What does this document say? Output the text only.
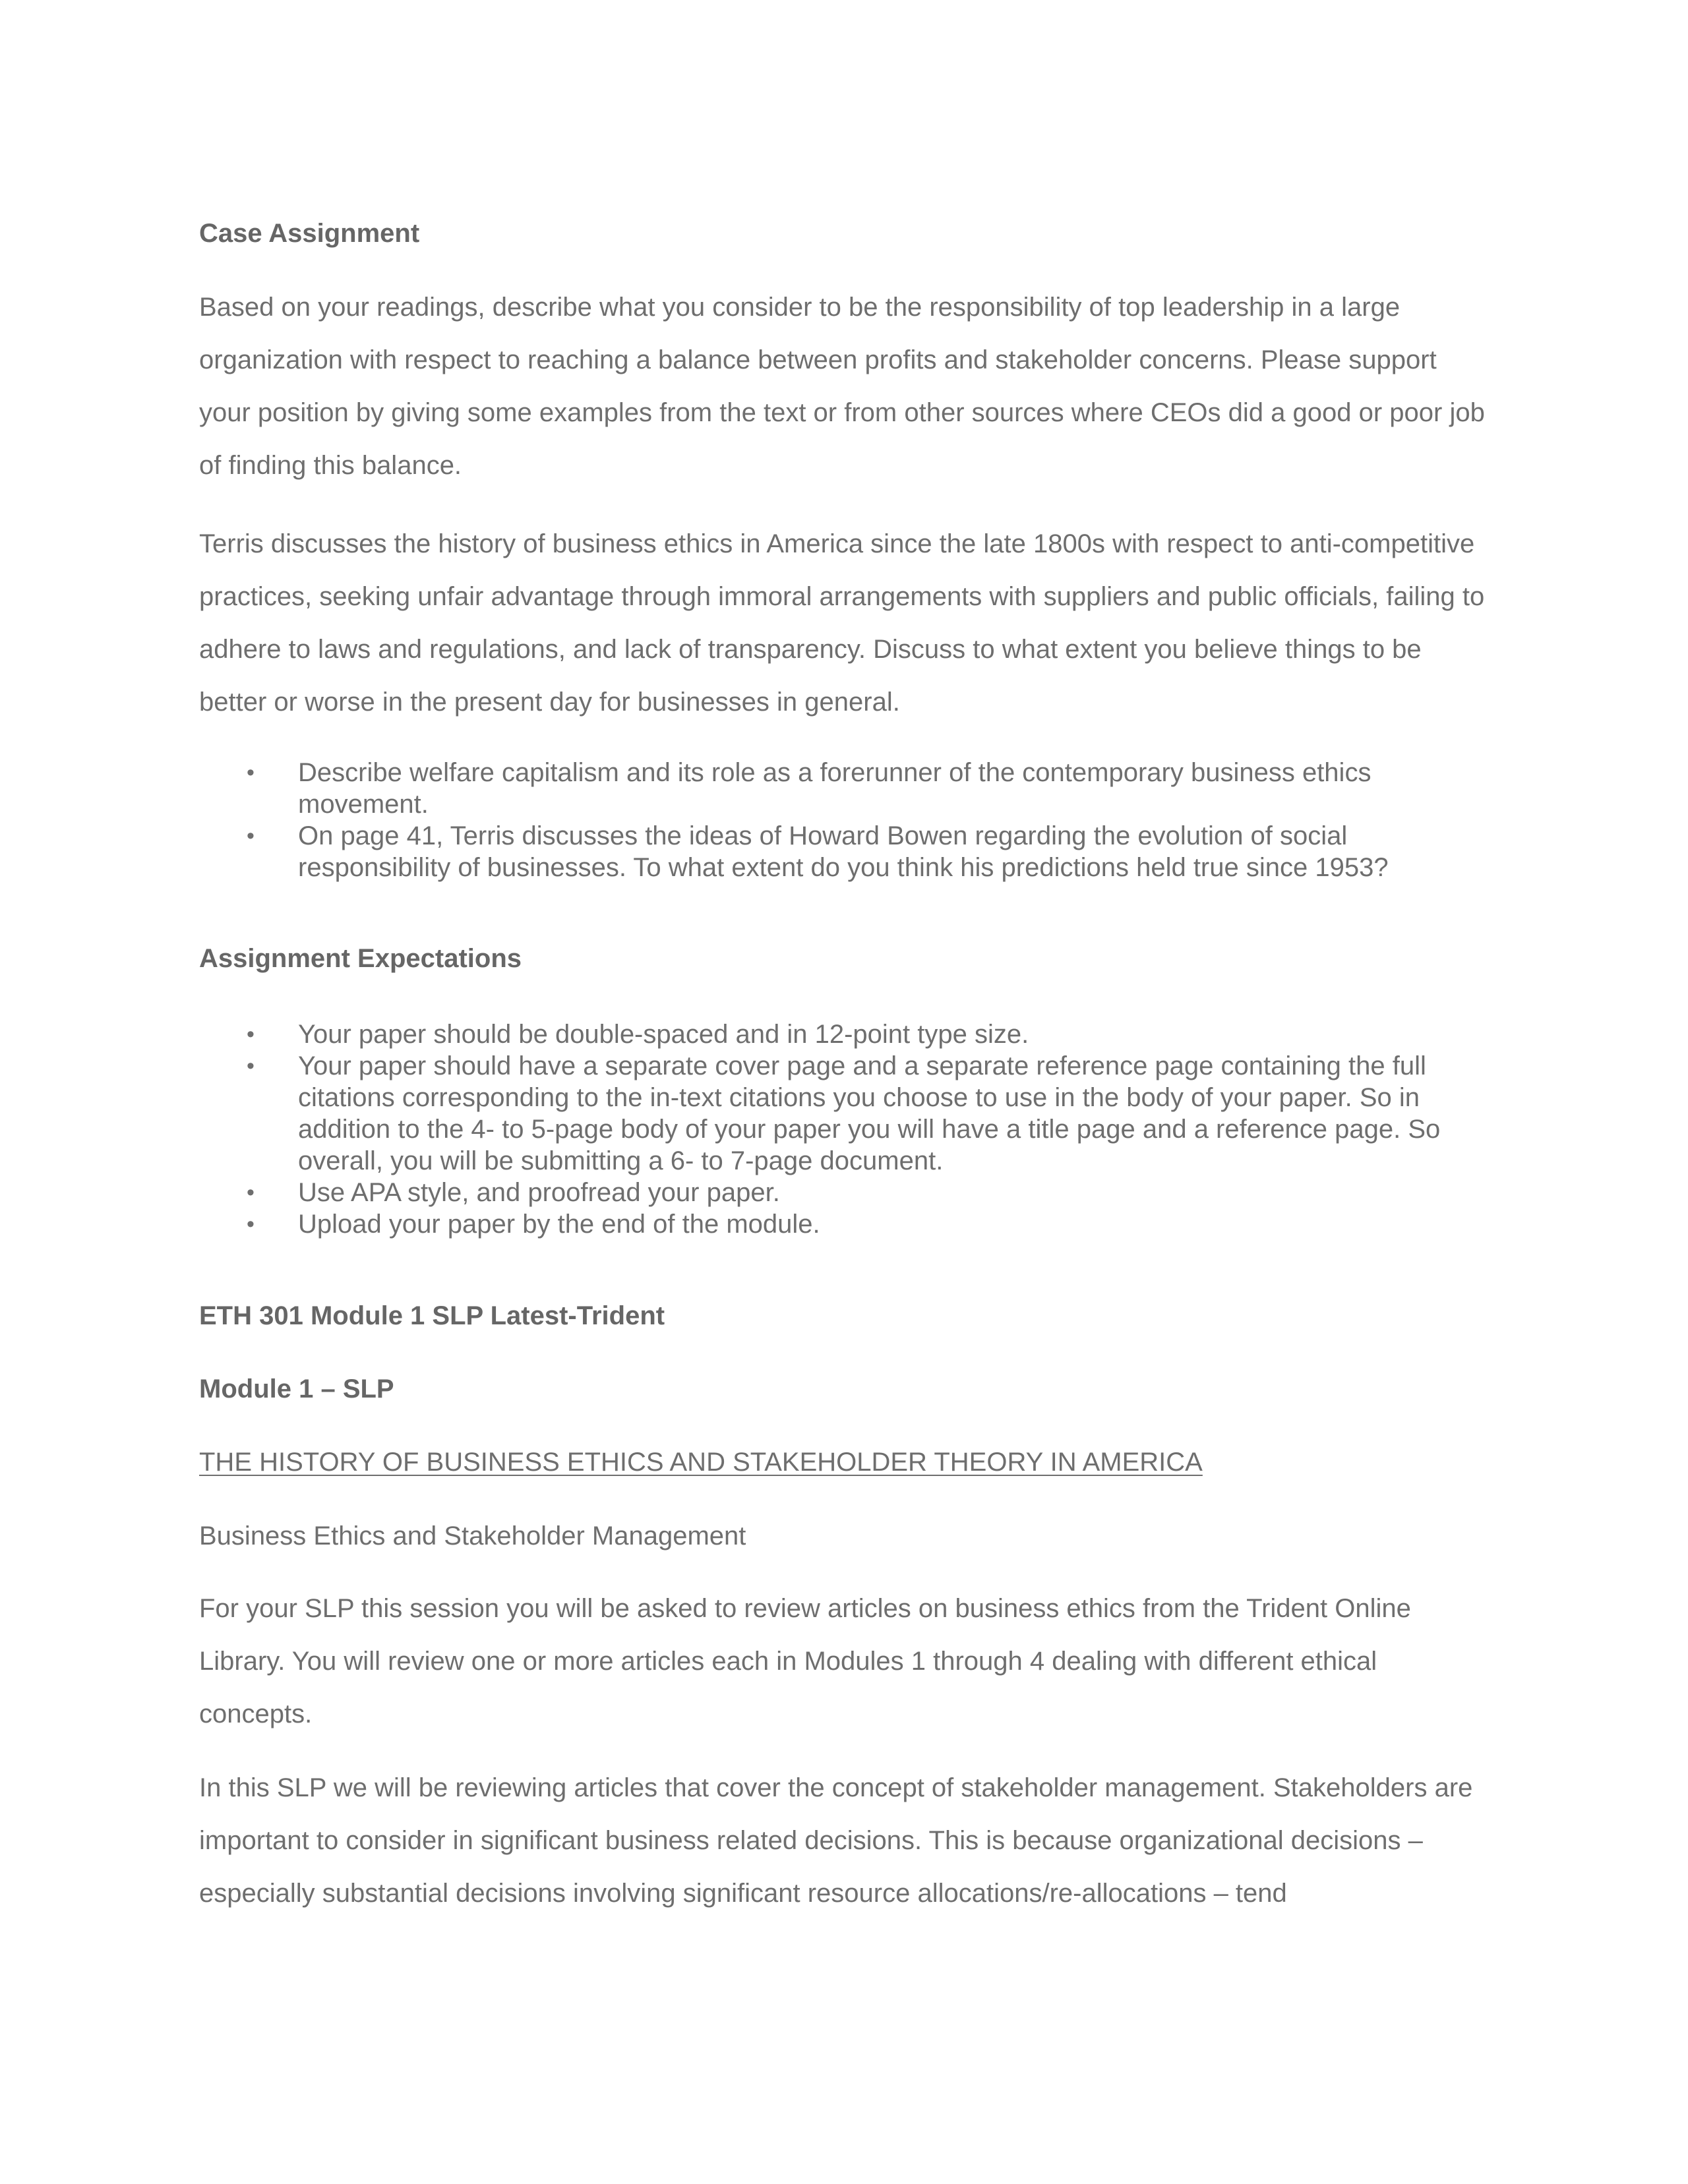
Case Assignment

Based on your readings, describe what you consider to be the responsibility of top leadership in a large organization with respect to reaching a balance between profits and stakeholder concerns. Please support your position by giving some examples from the text or from other sources where CEOs did a good or poor job of finding this balance.

Terris discusses the history of business ethics in America since the late 1800s with respect to anti-competitive practices, seeking unfair advantage through immoral arrangements with suppliers and public officials, failing to adhere to laws and regulations, and lack of transparency. Discuss to what extent you believe things to be better or worse in the present day for businesses in general.

• Describe welfare capitalism and its role as a forerunner of the contemporary business ethics movement.
• On page 41, Terris discusses the ideas of Howard Bowen regarding the evolution of social responsibility of businesses. To what extent do you think his predictions held true since 1953?
Assignment Expectations
• Your paper should be double-spaced and in 12-point type size.
• Your paper should have a separate cover page and a separate reference page containing the full citations corresponding to the in-text citations you choose to use in the body of your paper. So in addition to the 4- to 5-page body of your paper you will have a title page and a reference page. So overall, you will be submitting a 6- to 7-page document.
• Use APA style, and proofread your paper.
• Upload your paper by the end of the module.
ETH 301 Module 1 SLP Latest-Trident
Module 1 – SLP

THE HISTORY OF BUSINESS ETHICS AND STAKEHOLDER THEORY IN AMERICA

Business Ethics and Stakeholder Management

For your SLP this session you will be asked to review articles on business ethics from the Trident Online Library. You will review one or more articles each in Modules 1 through 4 dealing with different ethical concepts.

In this SLP we will be reviewing articles that cover the concept of stakeholder management. Stakeholders are important to consider in significant business related decisions. This is because organizational decisions – especially substantial decisions involving significant resource allocations/re-allocations – tend
